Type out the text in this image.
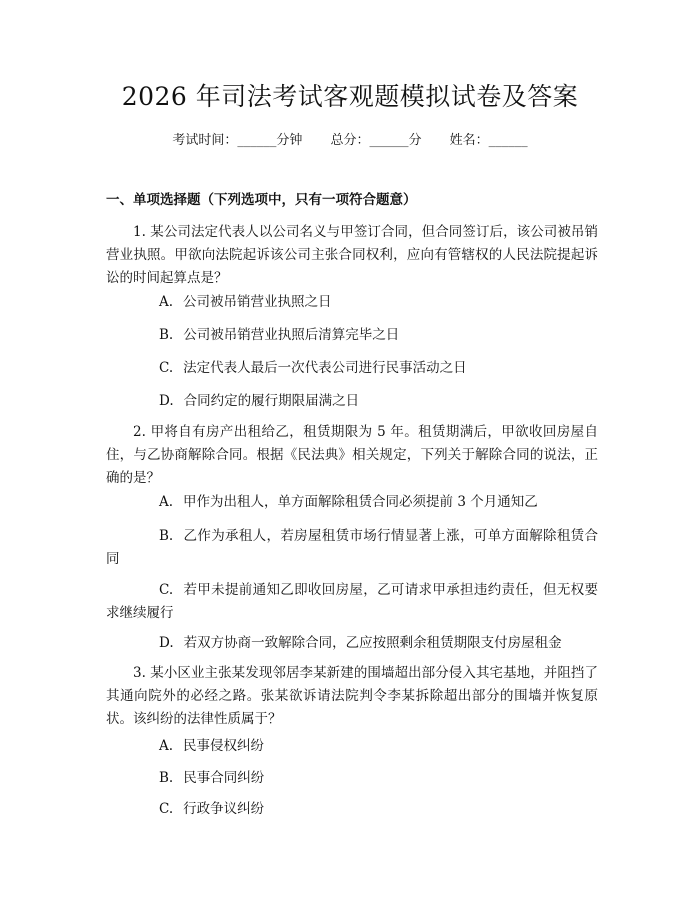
2026 年司法考试客观题模拟试卷及答案
考试时间：______分钟 总分：______分 姓名：______
一、单项选择题（下列选项中，只有一项符合题意）
1. 某公司法定代表人以公司名义与甲签订合同，但合同签订后，该公司被吊销营业执照。甲欲向法院起诉该公司主张合同权利，应向有管辖权的人民法院提起诉讼的时间起算点是？
A. 公司被吊销营业执照之日
B. 公司被吊销营业执照后清算完毕之日
C. 法定代表人最后一次代表公司进行民事活动之日
D. 合同约定的履行期限届满之日
2. 甲将自有房产出租给乙，租赁期限为 5 年。租赁期满后，甲欲收回房屋自住，与乙协商解除合同。根据《民法典》相关规定，下列关于解除合同的说法，正确的是？
A. 甲作为出租人，单方面解除租赁合同必须提前 3 个月通知乙
B. 乙作为承租人，若房屋租赁市场行情显著上涨，可单方面解除租赁合同
C. 若甲未提前通知乙即收回房屋，乙可请求甲承担违约责任，但无权要求继续履行
D. 若双方协商一致解除合同，乙应按照剩余租赁期限支付房屋租金
3. 某小区业主张某发现邻居李某新建的围墙超出部分侵入其宅基地，并阻挡了其通向院外的必经之路。张某欲诉请法院判令李某拆除超出部分的围墙并恢复原状。该纠纷的法律性质属于？
A. 民事侵权纠纷
B. 民事合同纠纷
C. 行政争议纠纷
